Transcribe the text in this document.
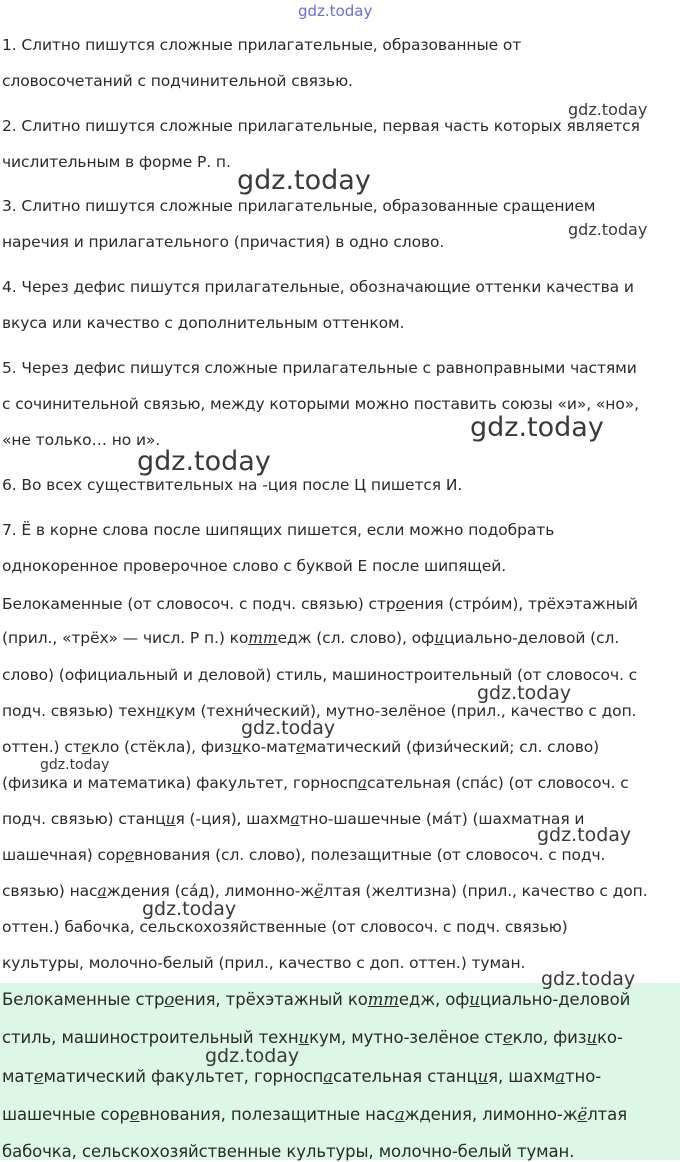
gdz.today
gdz.today
gdz.today
gdz.today
gdz.today
gdz.today
gdz.today
gdz.today
gdz.today
gdz.today
gdz.today
gdz.today
gdz.today
1. Слитно пишутся сложные прилагательные, образованные от
словосочетаний с подчинительной связью.
2. Слитно пишутся сложные прилагательные, первая часть которых является
числительным в форме Р. п.
3. Слитно пишутся сложные прилагательные, образованные сращением
наречия и прилагательного (причастия) в одно слово.
4. Через дефис пишутся прилагательные, обозначающие оттенки качества и
вкуса или качество с дополнительным оттенком.
5. Через дефис пишутся сложные прилагательные с равноправными частями
с сочинительной связью, между которыми можно поставить союзы «и», «но»,
«не только… но и».
6. Во всех существительных на -ция после Ц пишется И.
7. Ё в корне слова после шипящих пишется, если можно подобрать
однокоренное проверочное слово с буквой Е после шипящей.
Белокаменные (от словосоч. с подч. связью) строения (стро́им), трёхэтажный
(прил., «трёх» — числ. Р п.) коттедж (сл. слово), официально-деловой (сл.
слово) (официальный и деловой) стиль, машиностроительный (от словосоч. с
подч. связью) техникум (техни́ческий), мутно-зелёное (прил., качество с доп.
оттен.) стекло (стёкла), физико-математический (физи́ческий; сл. слово)
(физика и математика) факультет, горноспасательная (спа́с) (от словосоч. с
подч. связью) станция (-ция), шахматно-шашечные (ма́т) (шахматная и
шашечная) соревнования (сл. слово), полезащитные (от словосоч. с подч.
связью) насаждения (са́д), лимонно-жёлтая (желтизна) (прил., качество с доп.
оттен.) бабочка, сельскохозяйственные (от словосоч. с подч. связью)
культуры, молочно-белый (прил., качество с доп. оттен.) туман.
Белокаменные строения, трёхэтажный коттедж, официально-деловой
стиль, машиностроительный техникум, мутно-зелёное стекло, физико-
математический факультет, горноспасательная станция, шахматно-
шашечные соревнования, полезащитные насаждения, лимонно-жёлтая
бабочка, сельскохозяйственные культуры, молочно-белый туман.
